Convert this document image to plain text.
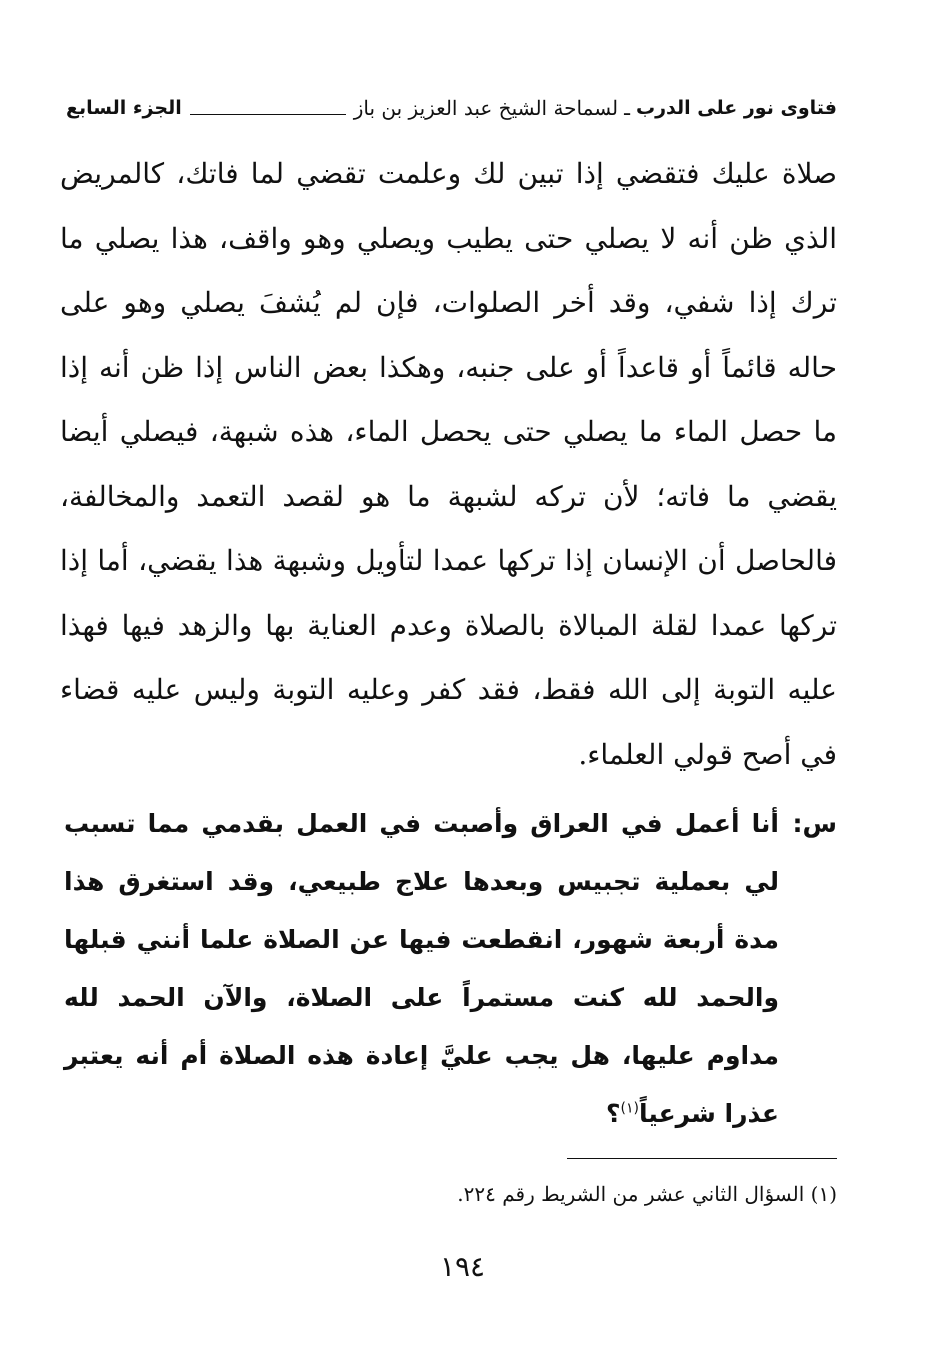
فتاوى نور على الدرب
ـ
لسماحة الشيخ عبد العزيز بن باز
الجزء السابع
صلاة عليك فتقضي إذا تبين لك وعلمت تقضي لما فاتك، كالمريض الذي ظن أنه لا يصلي حتى يطيب ويصلي وهو واقف، هذا يصلي ما ترك إذا شفي، وقد أخر الصلوات، فإن لم يُشفَ يصلي وهو على حاله قائماً أو قاعداً أو على جنبه، وهكذا بعض الناس إذا ظن أنه إذا ما حصل الماء ما يصلي حتى يحصل الماء، هذه شبهة، فيصلي أيضا يقضي ما فاته؛ لأن تركه لشبهة ما هو لقصد التعمد والمخالفة، فالحاصل أن الإنسان إذا تركها عمدا لتأويل وشبهة هذا يقضي، أما إذا تركها عمدا لقلة المبالاة بالصلاة وعدم العناية بها والزهد فيها فهذا عليه التوبة إلى الله فقط، فقد كفر وعليه التوبة وليس عليه قضاء في أصح قولي العلماء.
س:
أنا أعمل في العراق وأصبت في العمل بقدمي مما تسبب لي بعملية تجبيس وبعدها علاج طبيعي، وقد استغرق هذا مدة أربعة شهور، انقطعت فيها عن الصلاة علما أنني قبلها والحمد لله كنت مستمراً على الصلاة، والآن الحمد لله مداوم عليها، هل يجب عليَّ إعادة هذه الصلاة أم أنه يعتبر عذرا شرعياً$^{(١)}$؟
(١) السؤال الثاني عشر من الشريط رقم ٢٢٤.
١٩٤
